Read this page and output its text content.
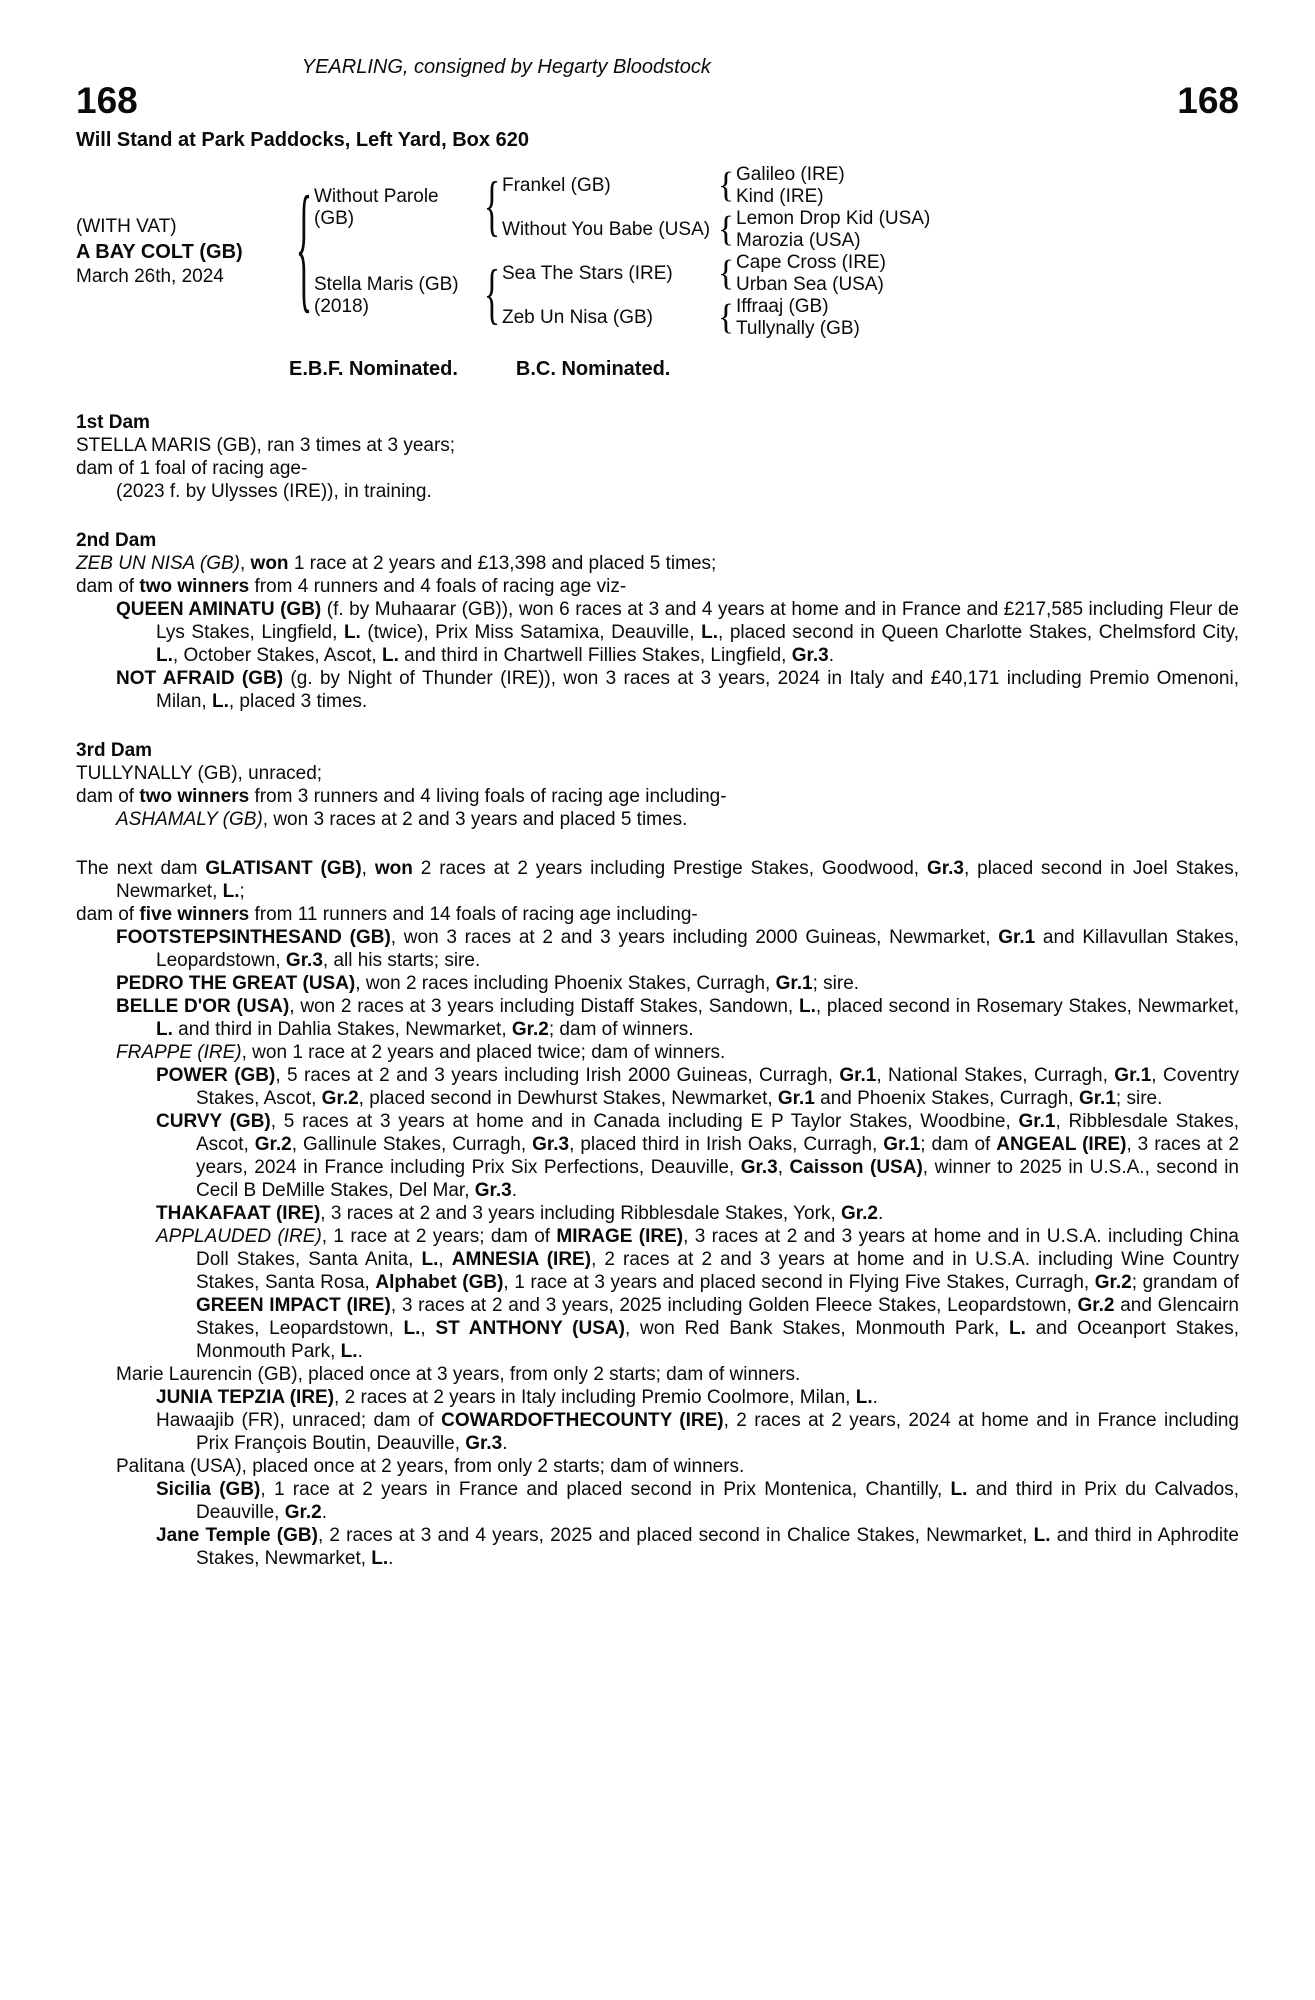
YEARLING, consigned by Hegarty Bloodstock
168	168
Will Stand at Park Paddocks, Left Yard, Box 620
(WITH VAT)
A BAY COLT (GB)
March 26th, 2024	{ Without Parole (GB)	{ Frankel (GB)	{ Galileo (IRE)
Kind (IRE)
Without You Babe (USA) { Lemon Drop Kid (USA)
Marozia (USA)
Stella Maris (GB) (2018)	{ Sea The Stars (IRE)	{ Cape Cross (IRE)
Urban Sea (USA)
Zeb Un Nisa (GB)	{ Iffraaj (GB)
Tullynally (GB)
E.B.F. Nominated.	B.C. Nominated.
1st Dam

STELLA MARIS (GB), ran 3 times at 3 years;

dam of 1 foal of racing age-

(2023 f. by Ulysses (IRE)), in training.

2nd Dam

ZEB UN NISA (GB), won 1 race at 2 years and £13,398 and placed 5 times;

dam of two winners from 4 runners and 4 foals of racing age viz-

QUEEN AMINATU (GB) (f. by Muhaarar (GB)), won 6 races at 3 and 4 years at home and in France and £217,585 including Fleur de Lys Stakes, Lingfield, L. (twice), Prix Miss Satamixa, Deauville, L., placed second in Queen Charlotte Stakes, Chelmsford City, L., October Stakes, Ascot, L. and third in Chartwell Fillies Stakes, Lingfield, Gr.3.

NOT AFRAID (GB) (g. by Night of Thunder (IRE)), won 3 races at 3 years, 2024 in Italy and £40,171 including Premio Omenoni, Milan, L., placed 3 times.

3rd Dam

TULLYNALLY (GB), unraced;

dam of two winners from 3 runners and 4 living foals of racing age including-

ASHAMALY (GB), won 3 races at 2 and 3 years and placed 5 times.

The next dam GLATISANT (GB), won 2 races at 2 years including Prestige Stakes, Goodwood, Gr.3, placed second in Joel Stakes, Newmarket, L.;

dam of five winners from 11 runners and 14 foals of racing age including-

FOOTSTEPSINTHESAND (GB), won 3 races at 2 and 3 years including 2000 Guineas, Newmarket, Gr.1 and Killavullan Stakes, Leopardstown, Gr.3, all his starts; sire.

PEDRO THE GREAT (USA), won 2 races including Phoenix Stakes, Curragh, Gr.1; sire.

BELLE D'OR (USA), won 2 races at 3 years including Distaff Stakes, Sandown, L., placed second in Rosemary Stakes, Newmarket, L. and third in Dahlia Stakes, Newmarket, Gr.2; dam of winners.

FRAPPE (IRE), won 1 race at 2 years and placed twice; dam of winners.

POWER (GB), 5 races at 2 and 3 years including Irish 2000 Guineas, Curragh, Gr.1, National Stakes, Curragh, Gr.1, Coventry Stakes, Ascot, Gr.2, placed second in Dewhurst Stakes, Newmarket, Gr.1 and Phoenix Stakes, Curragh, Gr.1; sire.

CURVY (GB), 5 races at 3 years at home and in Canada including E P Taylor Stakes, Woodbine, Gr.1, Ribblesdale Stakes, Ascot, Gr.2, Gallinule Stakes, Curragh, Gr.3, placed third in Irish Oaks, Curragh, Gr.1; dam of ANGEAL (IRE), 3 races at 2 years, 2024 in France including Prix Six Perfections, Deauville, Gr.3, Caisson (USA), winner to 2025 in U.S.A., second in Cecil B DeMille Stakes, Del Mar, Gr.3.

THAKAFAAT (IRE), 3 races at 2 and 3 years including Ribblesdale Stakes, York, Gr.2.

APPLAUDED (IRE), 1 race at 2 years; dam of MIRAGE (IRE), 3 races at 2 and 3 years at home and in U.S.A. including China Doll Stakes, Santa Anita, L., AMNESIA (IRE), 2 races at 2 and 3 years at home and in U.S.A. including Wine Country Stakes, Santa Rosa, Alphabet (GB), 1 race at 3 years and placed second in Flying Five Stakes, Curragh, Gr.2; grandam of GREEN IMPACT (IRE), 3 races at 2 and 3 years, 2025 including Golden Fleece Stakes, Leopardstown, Gr.2 and Glencairn Stakes, Leopardstown, L., ST ANTHONY (USA), won Red Bank Stakes, Monmouth Park, L. and Oceanport Stakes, Monmouth Park, L..

Marie Laurencin (GB), placed once at 3 years, from only 2 starts; dam of winners.

JUNIA TEPZIA (IRE), 2 races at 2 years in Italy including Premio Coolmore, Milan, L..

Hawaajib (FR), unraced; dam of COWARDOFTHECOUNTY (IRE), 2 races at 2 years, 2024 at home and in France including Prix François Boutin, Deauville, Gr.3.

Palitana (USA), placed once at 2 years, from only 2 starts; dam of winners.

Sicilia (GB), 1 race at 2 years in France and placed second in Prix Montenica, Chantilly, L. and third in Prix du Calvados, Deauville, Gr.2.

Jane Temple (GB), 2 races at 3 and 4 years, 2025 and placed second in Chalice Stakes, Newmarket, L. and third in Aphrodite Stakes, Newmarket, L..
